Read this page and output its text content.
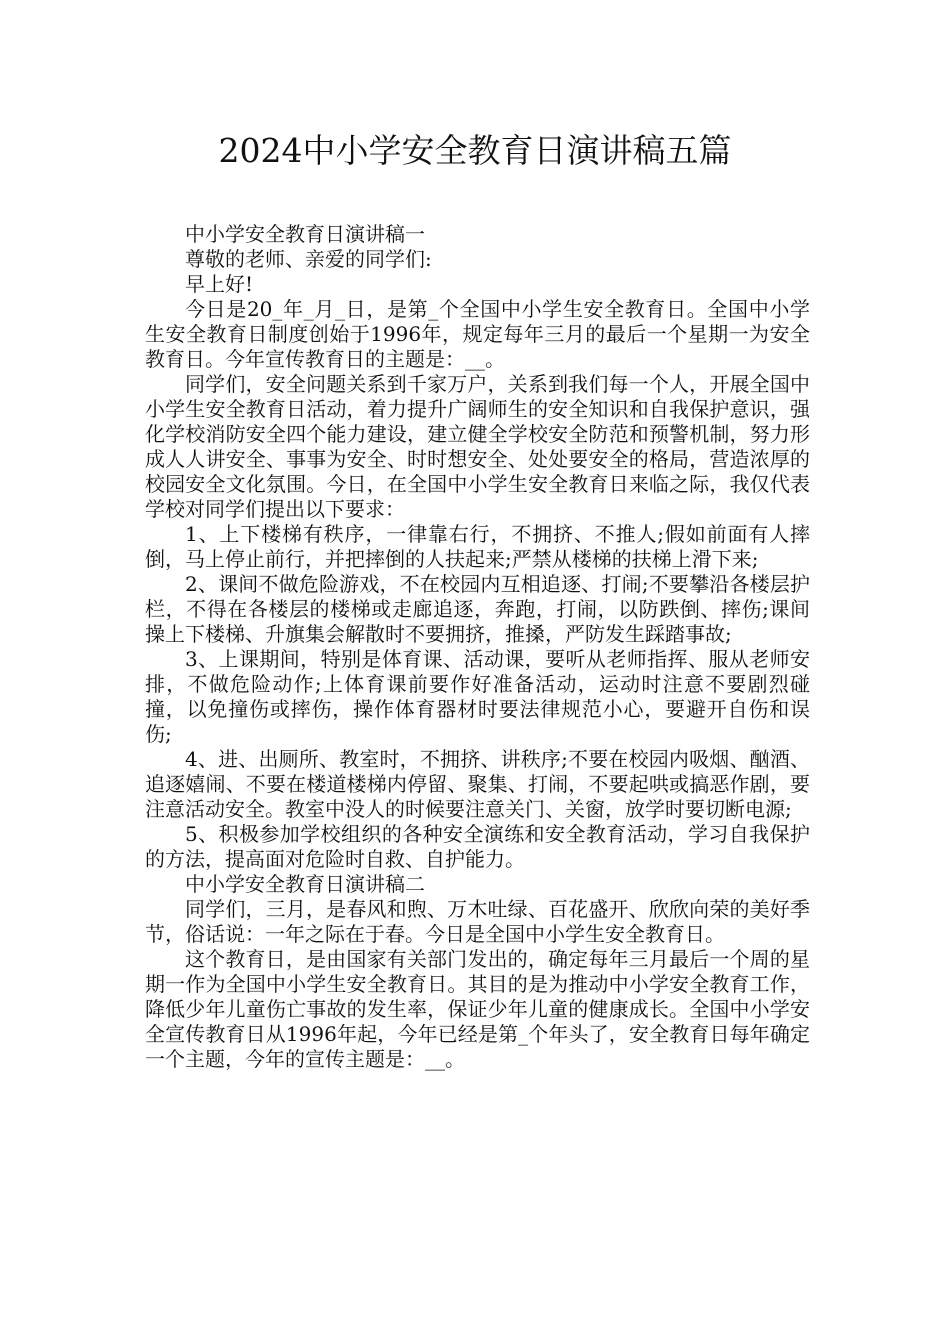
2024中小学安全教育日演讲稿五篇

中小学安全教育日演讲稿一

尊敬的老师、亲爱的同学们:

早上好!

今日是20_年_月_日，是第_个全国中小学生安全教育日。全国中小学生安全教育日制度创始于1996年，规定每年三月的最后一个星期一为安全教育日。今年宣传教育日的主题是：__。

同学们，安全问题关系到千家万户，关系到我们每一个人，开展全国中小学生安全教育日活动，着力提升广阔师生的安全知识和自我保护意识，强化学校消防安全四个能力建设，建立健全学校安全防范和预警机制，努力形成人人讲安全、事事为安全、时时想安全、处处要安全的格局，营造浓厚的校园安全文化氛围。今日，在全国中小学生安全教育日来临之际，我仅代表学校对同学们提出以下要求：

1、上下楼梯有秩序，一律靠右行，不拥挤、不推人;假如前面有人摔倒，马上停止前行，并把摔倒的人扶起来;严禁从楼梯的扶梯上滑下来;

2、课间不做危险游戏，不在校园内互相追逐、打闹;不要攀沿各楼层护栏，不得在各楼层的楼梯或走廊追逐，奔跑，打闹，以防跌倒、摔伤;课间操上下楼梯、升旗集会解散时不要拥挤，推搡，严防发生踩踏事故;

3、上课期间，特别是体育课、活动课，要听从老师指挥、服从老师安排，不做危险动作;上体育课前要作好准备活动，运动时注意不要剧烈碰撞，以免撞伤或摔伤，操作体育器材时要法律规范小心，要避开自伤和误伤;

4、进、出厕所、教室时，不拥挤、讲秩序;不要在校园内吸烟、酗酒、追逐嬉闹、不要在楼道楼梯内停留、聚集、打闹，不要起哄或搞恶作剧，要注意活动安全。教室中没人的时候要注意关门、关窗，放学时要切断电源;

5、积极参加学校组织的各种安全演练和安全教育活动，学习自我保护的方法，提高面对危险时自救、自护能力。

中小学安全教育日演讲稿二

同学们，三月，是春风和煦、万木吐绿、百花盛开、欣欣向荣的美好季节，俗话说：一年之际在于春。今日是全国中小学生安全教育日。

这个教育日，是由国家有关部门发出的，确定每年三月最后一个周的星期一作为全国中小学生安全教育日。其目的是为推动中小学安全教育工作，降低少年儿童伤亡事故的发生率，保证少年儿童的健康成长。全国中小学安全宣传教育日从1996年起，今年已经是第_个年头了，安全教育日每年确定一个主题，今年的宣传主题是：__。
